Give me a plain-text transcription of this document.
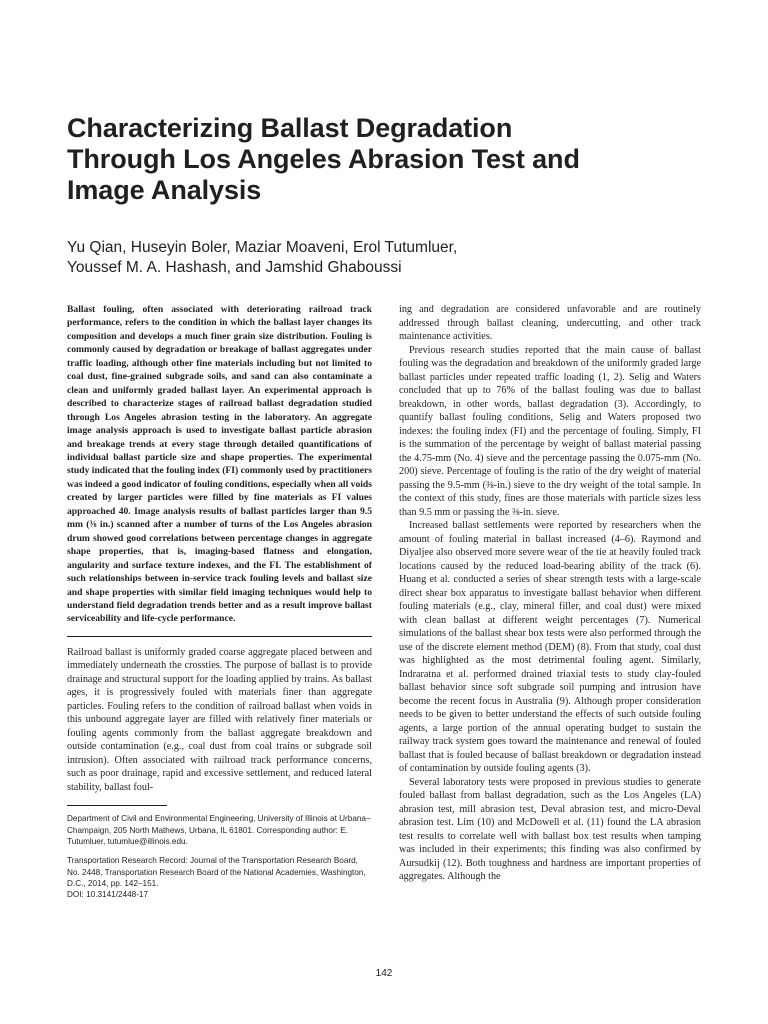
Characterizing Ballast Degradation Through Los Angeles Abrasion Test and Image Analysis
Yu Qian, Huseyin Boler, Maziar Moaveni, Erol Tutumluer,
Youssef M. A. Hashash, and Jamshid Ghaboussi

Ballast fouling, often associated with deteriorating railroad track performance, refers to the condition in which the ballast layer changes its composition and develops a much finer grain size distribution. Fouling is commonly caused by degradation or breakage of ballast aggregates under traffic loading, although other fine materials including but not limited to coal dust, fine-grained subgrade soils, and sand can also contaminate a clean and uniformly graded ballast layer. An experimental approach is described to characterize stages of railroad ballast degradation studied through Los Angeles abrasion testing in the laboratory. An aggregate image analysis approach is used to investigate ballast particle abrasion and breakage trends at every stage through detailed quantifications of individual ballast particle size and shape properties. The experimental study indicated that the fouling index (FI) commonly used by practitioners was indeed a good indicator of fouling conditions, especially when all voids created by larger particles were filled by fine materials as FI values approached 40. Image analysis results of ballast particles larger than 9.5 mm (⅜ in.) scanned after a number of turns of the Los Angeles abrasion drum showed good correlations between percentage changes in aggregate shape properties, that is, imaging-based flatness and elongation, angularity and surface texture indexes, and the FI. The establishment of such relationships between in-service track fouling levels and ballast size and shape properties with similar field imaging techniques would help to understand field degradation trends better and as a result improve ballast serviceability and life-cycle performance.

Railroad ballast is uniformly graded coarse aggregate placed between and immediately underneath the crossties. The purpose of ballast is to provide drainage and structural support for the loading applied by trains. As ballast ages, it is progressively fouled with materials finer than aggregate particles. Fouling refers to the condition of railroad ballast when voids in this unbound aggregate layer are filled with relatively finer materials or fouling agents commonly from the ballast aggregate breakdown and outside contamination (e.g., coal dust from coal trains or subgrade soil intrusion). Often associated with railroad track performance concerns, such as poor drainage, rapid and excessive settlement, and reduced lateral stability, ballast foul-

Department of Civil and Environmental Engineering, University of Illinois at Urbana–Champaign, 205 North Mathews, Urbana, IL 61801. Corresponding author: E. Tutumluer, tutumlue@illinois.edu.

Transportation Research Record: Journal of the Transportation Research Board, No. 2448, Transportation Research Board of the National Academies, Washington, D.C., 2014, pp. 142–151.
DOI: 10.3141/2448-17

ing and degradation are considered unfavorable and are routinely addressed through ballast cleaning, undercutting, and other track maintenance activities.

Previous research studies reported that the main cause of ballast fouling was the degradation and breakdown of the uniformly graded large ballast particles under repeated traffic loading (1, 2). Selig and Waters concluded that up to 76% of the ballast fouling was due to ballast breakdown, in other words, ballast degradation (3). Accordingly, to quantify ballast fouling conditions, Selig and Waters proposed two indexes: the fouling index (FI) and the percentage of fouling. Simply, FI is the summation of the percentage by weight of ballast material passing the 4.75-mm (No. 4) sieve and the percentage passing the 0.075-mm (No. 200) sieve. Percentage of fouling is the ratio of the dry weight of material passing the 9.5-mm (⅜-in.) sieve to the dry weight of the total sample. In the context of this study, fines are those materials with particle sizes less than 9.5 mm or passing the ⅜-in. sieve.

Increased ballast settlements were reported by researchers when the amount of fouling material in ballast increased (4–6). Raymond and Diyaljee also observed more severe wear of the tie at heavily fouled track locations caused by the reduced load-bearing ability of the track (6). Huang et al. conducted a series of shear strength tests with a large-scale direct shear box apparatus to investigate ballast behavior when different fouling materials (e.g., clay, mineral filler, and coal dust) were mixed with clean ballast at different weight percentages (7). Numerical simulations of the ballast shear box tests were also performed through the use of the discrete element method (DEM) (8). From that study, coal dust was highlighted as the most detrimental fouling agent. Similarly, Indraratna et al. performed drained triaxial tests to study clay-fouled ballast behavior since soft subgrade soil pumping and intrusion have become the recent focus in Australia (9). Although proper consideration needs to be given to better understand the effects of such outside fouling agents, a large portion of the annual operating budget to sustain the railway track system goes toward the maintenance and renewal of fouled ballast that is fouled because of ballast breakdown or degradation instead of contamination by outside fouling agents (3).

Several laboratory tests were proposed in previous studies to generate fouled ballast from ballast degradation, such as the Los Angeles (LA) abrasion test, mill abrasion test, Deval abrasion test, and micro-Deval abrasion test. Lim (10) and McDowell et al. (11) found the LA abrasion test results to correlate well with ballast box test results when tamping was included in their experiments; this finding was also confirmed by Aursudkij (12). Both toughness and hardness are important properties of aggregates. Although the

142
